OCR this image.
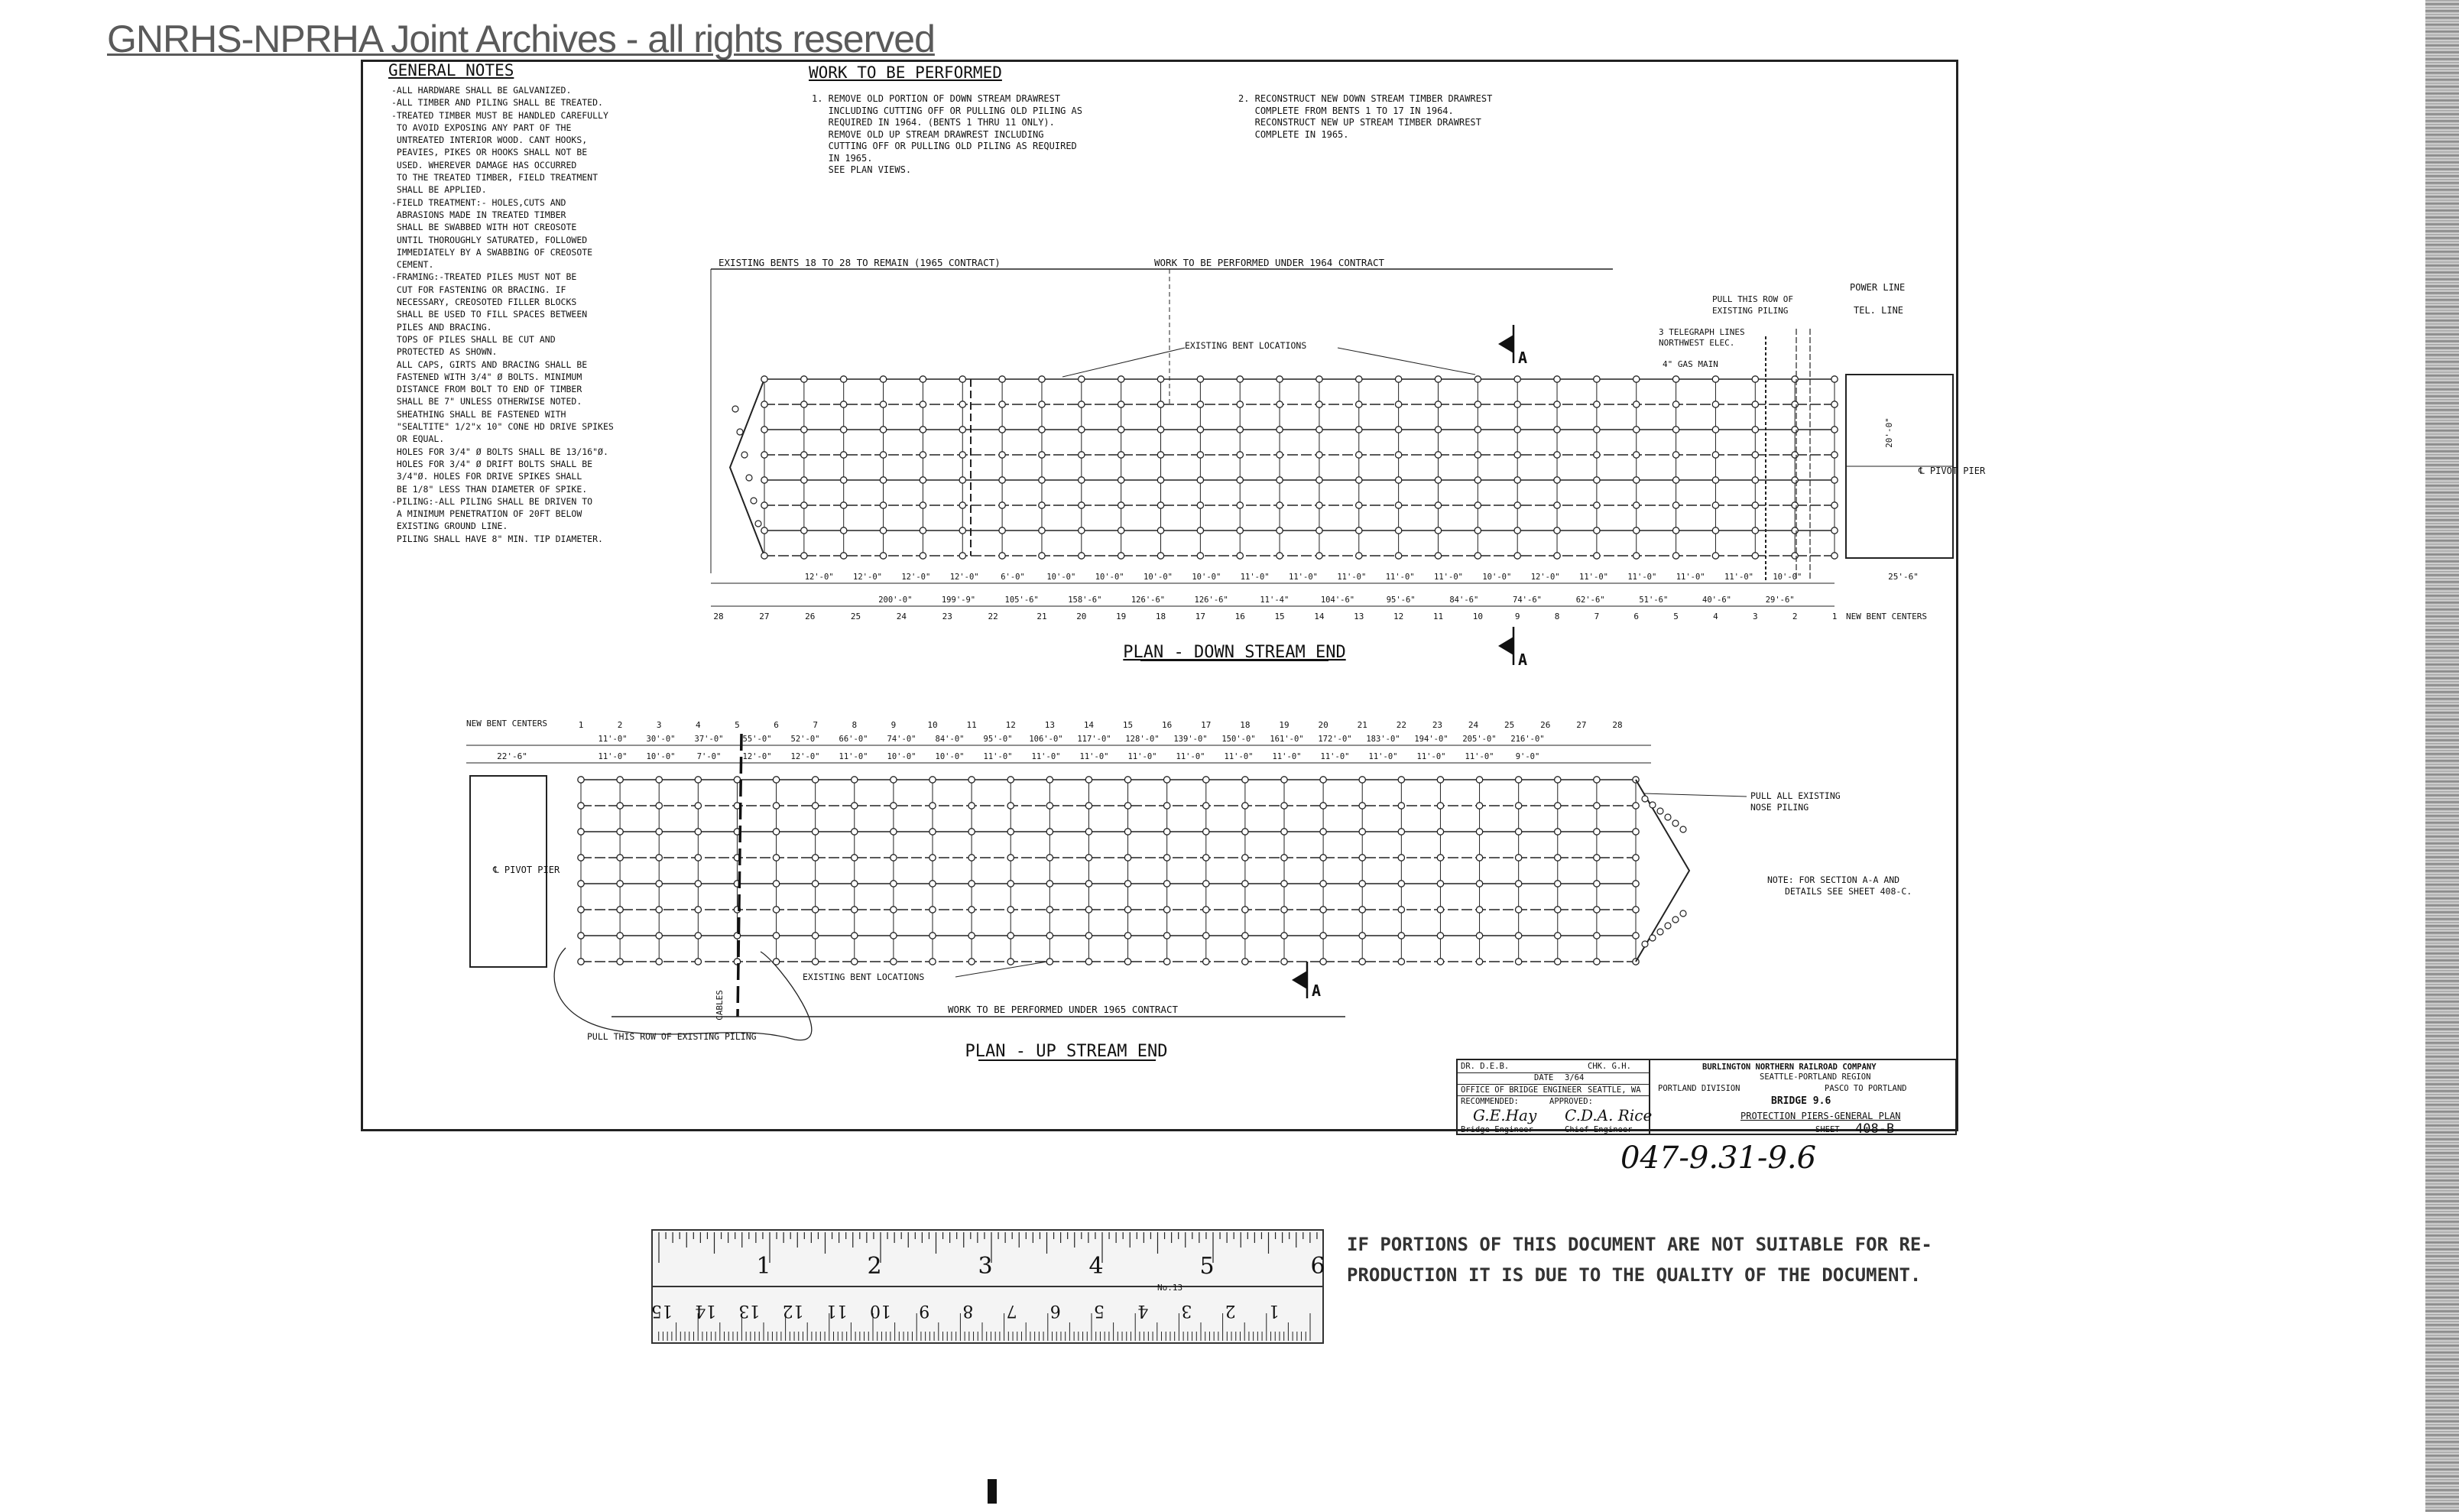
GNRHS-NPRHA Joint Archives - all rights reserved
GENERAL NOTES
-ALL HARDWARE SHALL BE GALVANIZED.
-ALL TIMBER AND PILING SHALL BE TREATED.
-TREATED TIMBER MUST BE HANDLED CAREFULLY
TO AVOID EXPOSING ANY PART OF THE
UNTREATED INTERIOR WOOD. CANT HOOKS,
PEAVIES, PIKES OR HOOKS SHALL NOT BE
USED. WHEREVER DAMAGE HAS OCCURRED
TO THE TREATED TIMBER, FIELD TREATMENT
SHALL BE APPLIED.
-FIELD TREATMENT:- HOLES,CUTS AND
ABRASIONS MADE IN TREATED TIMBER
SHALL BE SWABBED WITH HOT CREOSOTE
UNTIL THOROUGHLY SATURATED, FOLLOWED
IMMEDIATELY BY A SWABBING OF CREOSOTE
CEMENT.
-FRAMING:-TREATED PILES MUST NOT BE
CUT FOR FASTENING OR BRACING. IF
NECESSARY, CREOSOTED FILLER BLOCKS
SHALL BE USED TO FILL SPACES BETWEEN
PILES AND BRACING.
TOPS OF PILES SHALL BE CUT AND
PROTECTED AS SHOWN.
ALL CAPS, GIRTS AND BRACING SHALL BE
FASTENED WITH 3/4" Ø BOLTS. MINIMUM
DISTANCE FROM BOLT TO END OF TIMBER
SHALL BE 7" UNLESS OTHERWISE NOTED.
SHEATHING SHALL BE FASTENED WITH
"SEALTITE" 1/2"x 10" CONE HD DRIVE SPIKES
OR EQUAL.
HOLES FOR 3/4" Ø BOLTS SHALL BE 13/16"Ø.
HOLES FOR 3/4" Ø DRIFT BOLTS SHALL BE
3/4"Ø. HOLES FOR DRIVE SPIKES SHALL
BE 1/8" LESS THAN DIAMETER OF SPIKE.
-PILING:-ALL PILING SHALL BE DRIVEN TO
A MINIMUM PENETRATION OF 20FT BELOW
EXISTING GROUND LINE.
PILING SHALL HAVE 8" MIN. TIP DIAMETER.
WORK TO BE PERFORMED
1. REMOVE OLD PORTION OF DOWN STREAM DRAWREST
INCLUDING CUTTING OFF OR PULLING OLD PILING AS
REQUIRED IN 1964. (BENTS 1 THRU 11 ONLY).
REMOVE OLD UP STREAM DRAWREST INCLUDING
CUTTING OFF OR PULLING OLD PILING AS REQUIRED
IN 1965.
SEE PLAN VIEWS.
2. RECONSTRUCT NEW DOWN STREAM TIMBER DRAWREST
COMPLETE FROM BENTS 1 TO 17 IN 1964.
RECONSTRUCT NEW UP STREAM TIMBER DRAWREST
COMPLETE IN 1965.
EXISTING BENTS 18 TO 28 TO REMAIN (1965 CONTRACT)	WORK TO BE PERFORMED UNDER 1964 CONTRACT
℄ PIVOT PIER
20'-0"
POWER LINE
TEL. LINE
PULL THIS ROW OF
EXISTING PILING
3 TELEGRAPH LINES
NORTHWEST ELEC.
4" GAS MAIN
EXISTING BENT LOCATIONS
A
A
12'-0" 12'-0" 12'-0" 12'-0"	6'-0"	10'-0" 10'-0" 10'-0" 10'-0" 11'-0" 11'-0" 11'-0" 11'-0" 11'-0" 10'-0" 12'-0" 11'-0" 11'-0" 11'-0" 11'-0" 10'-0"
200'-0"	199'-9"	105'-6"	158'-6"	126'-6"	126'-6"	11'-4"	104'-6"	95'-6"	84'-6"	74'-6"	62'-6"	51'-6"	40'-6"	29'-6"
25'-6"
28	27	26	25	24	23	22	21	20	19	18	17	16	15	14	13	12	11	10	9	8	7	6	5	4	3	2	1 NEW BENT CENTERS
PLAN - DOWN STREAM END
NEW BENT CENTERS	1	2	3	4	5	6	7	8	9	10	11	12	13	14	15	16	17	18	19	20	21	22	23	24	25	26	27	28
11'-0" 30'-0" 37'-0" 55'-0" 52'-0" 66'-0" 74'-0" 84'-0" 95'-0" 106'-0" 117'-0" 128'-0" 139'-0" 150'-0" 161'-0" 172'-0" 183'-0" 194'-0" 205'-0" 216'-0"
11'-0" 10'-0"	7'-0"	12'-0" 12'-0" 11'-0" 10'-0" 10'-0" 11'-0" 11'-0" 11'-0" 11'-0" 11'-0" 11'-0" 11'-0" 11'-0" 11'-0" 11'-0" 11'-0"	9'-0"
22'-6"
℄ PIVOT PIER
CABLES
PULL THIS ROW OF EXISTING PILING
PULL ALL EXISTING
NOSE PILING
NOTE: FOR SECTION A-A AND
DETAILS SEE SHEET 408-C.
EXISTING BENT LOCATIONS
WORK TO BE PERFORMED UNDER 1965 CONTRACT
A
PLAN - UP STREAM END
DR. D.E.B.	CHK. G.H.
DATE 3/64
OFFICE OF BRIDGE ENGINEER SEATTLE, WA
RECOMMENDED:	APPROVED:
G.E.Hay C.D.A. Rice
Bridge Engineer	Chief Engineer
BURLINGTON NORTHERN RAILROAD COMPANY
SEATTLE-PORTLAND REGION
PORTLAND DIVISION	PASCO TO PORTLAND
BRIDGE 9.6
PROTECTION PIERS-GENERAL PLAN
SHEET 408-B
047-9.31-9.6
1	2	3	4	5	6
1
2
3
4
5
6
7
8
9
10
11
12
13
14
15
No.13
IF PORTIONS OF THIS DOCUMENT ARE NOT SUITABLE FOR RE-
PRODUCTION IT IS DUE TO THE QUALITY OF THE DOCUMENT.
